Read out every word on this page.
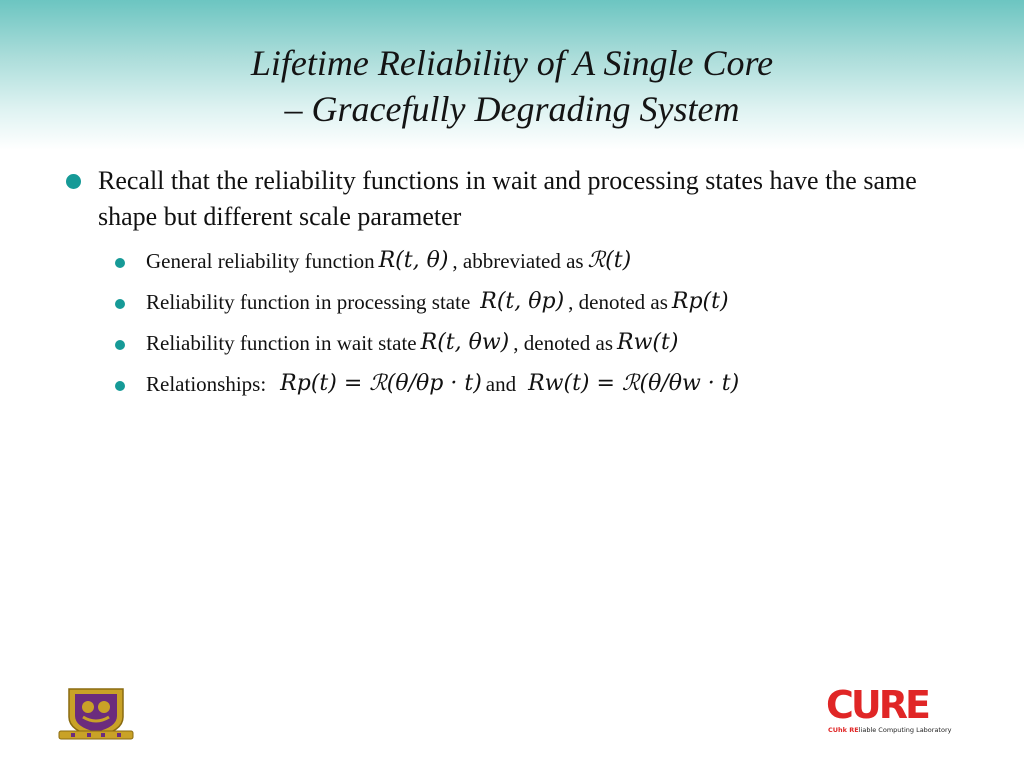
Lifetime Reliability of A Single Core
– Gracefully Degrading System
Recall that the reliability functions in wait and processing states have the same shape but different scale parameter
General reliability function R(t, θ) , abbreviated as ℛ(t)
Reliability function in processing state R(t, θp) , denoted as Rp(t)
Reliability function in wait state R(t, θw) , denoted as Rw(t)
Relationships: Rp(t) = ℛ(θ/θp · t) and Rw(t) = ℛ(θ/θw · t)
CURE
CUhk REliable Computing Laboratory
